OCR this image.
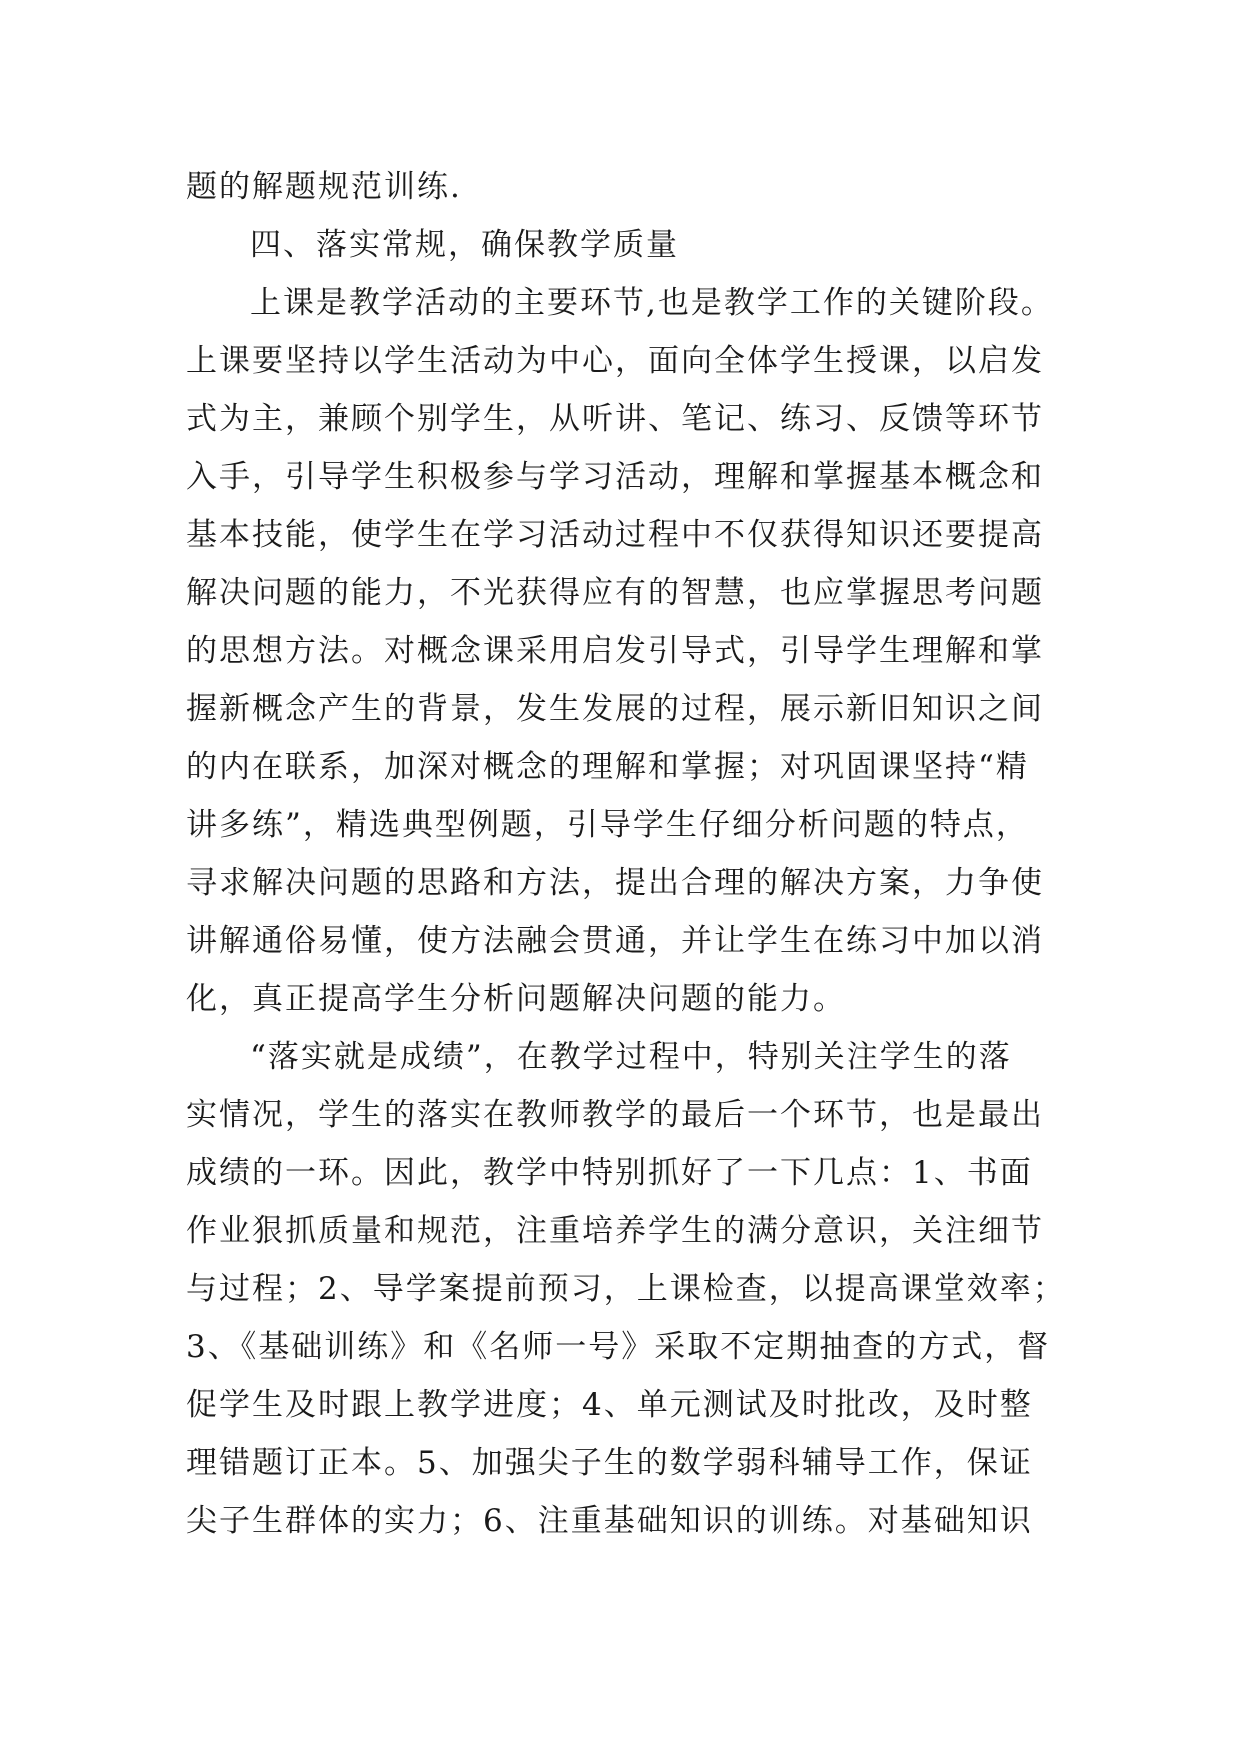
题的解题规范训练.
四、落实常规，确保教学质量
上课是教学活动的主要环节,也是教学工作的关键阶段。
上课要坚持以学生活动为中心，面向全体学生授课，以启发
式为主，兼顾个别学生，从听讲、笔记、练习、反馈等环节
入手，引导学生积极参与学习活动，理解和掌握基本概念和
基本技能，使学生在学习活动过程中不仅获得知识还要提高
解决问题的能力，不光获得应有的智慧，也应掌握思考问题
的思想方法。对概念课采用启发引导式，引导学生理解和掌
握新概念产生的背景，发生发展的过程，展示新旧知识之间
的内在联系，加深对概念的理解和掌握；对巩固课坚持“精
讲多练”，精选典型例题，引导学生仔细分析问题的特点，
寻求解决问题的思路和方法，提出合理的解决方案，力争使
讲解通俗易懂，使方法融会贯通，并让学生在练习中加以消
化，真正提高学生分析问题解决问题的能力。
“落实就是成绩”，在教学过程中，特别关注学生的落
实情况，学生的落实在教师教学的最后一个环节，也是最出
成绩的一环。因此，教学中特别抓好了一下几点：1、书面
作业狠抓质量和规范，注重培养学生的满分意识，关注细节
与过程；2、导学案提前预习，上课检查，以提高课堂效率；
3、《基础训练》和《名师一号》采取不定期抽查的方式，督
促学生及时跟上教学进度；4、单元测试及时批改，及时整
理错题订正本。5、加强尖子生的数学弱科辅导工作，保证
尖子生群体的实力；6、注重基础知识的训练。对基础知识
